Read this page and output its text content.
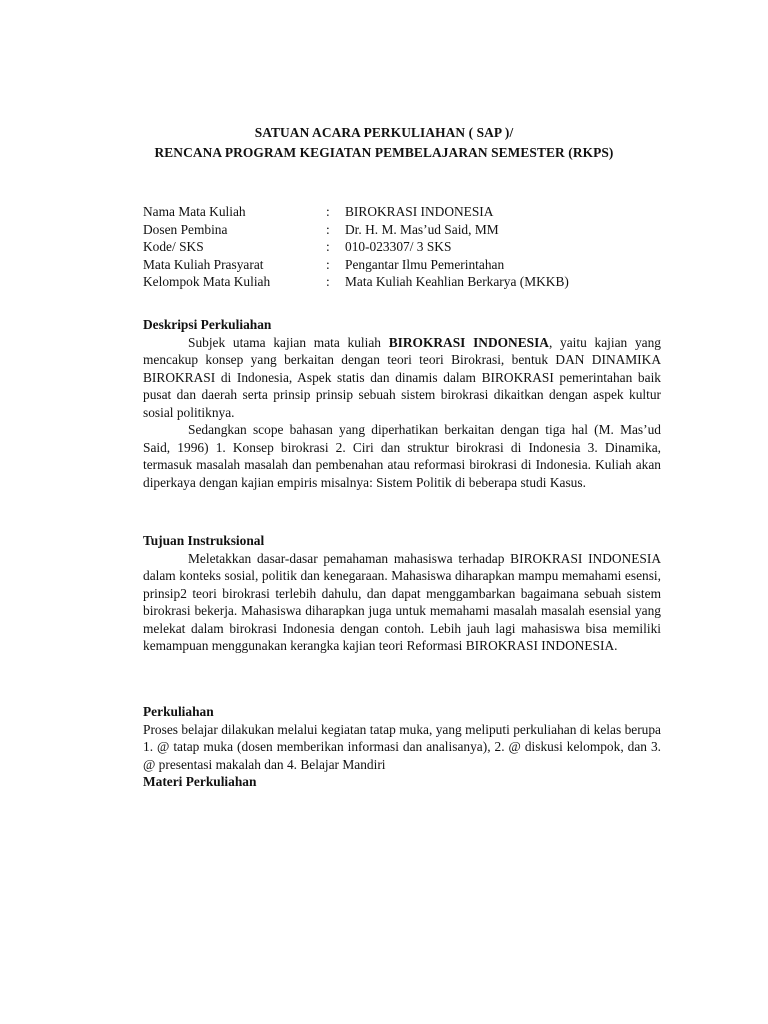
SATUAN ACARA PERKULIAHAN ( SAP )/
RENCANA PROGRAM KEGIATAN PEMBELAJARAN SEMESTER (RKPS)
Nama Mata Kuliah	: BIROKRASI INDONESIA
Dosen Pembina	: Dr. H. M. Mas’ud Said, MM
Kode/ SKS	: 010-023307/ 3 SKS
Mata Kuliah Prasyarat	: Pengantar Ilmu Pemerintahan
Kelompok Mata Kuliah	: Mata Kuliah Keahlian Berkarya (MKKB)
Deskripsi Perkuliahan

Subjek utama kajian mata kuliah BIROKRASI INDONESIA, yaitu kajian yang mencakup konsep yang berkaitan dengan teori teori Birokrasi, bentuk DAN DINAMIKA BIROKRASI di Indonesia, Aspek statis dan dinamis dalam BIROKRASI pemerintahan baik pusat dan daerah serta prinsip prinsip sebuah sistem birokrasi dikaitkan dengan aspek kultur sosial politiknya.

Sedangkan scope bahasan yang diperhatikan berkaitan dengan tiga hal (M. Mas’ud Said, 1996) 1. Konsep birokrasi 2. Ciri dan struktur birokrasi di Indonesia 3. Dinamika, termasuk masalah masalah dan pembenahan atau reformasi birokrasi di Indonesia. Kuliah akan diperkaya dengan kajian empiris misalnya: Sistem Politik di beberapa studi Kasus.

Tujuan Instruksional

Meletakkan dasar-dasar pemahaman mahasiswa terhadap BIROKRASI INDONESIA dalam konteks sosial, politik dan kenegaraan. Mahasiswa diharapkan mampu memahami esensi, prinsip2 teori birokrasi terlebih dahulu, dan dapat menggambarkan bagaimana sebuah sistem birokrasi bekerja. Mahasiswa diharapkan juga untuk memahami masalah masalah esensial yang melekat dalam birokrasi Indonesia dengan contoh. Lebih jauh lagi mahasiswa bisa memiliki kemampuan menggunakan kerangka kajian teori Reformasi BIROKRASI INDONESIA.

Perkuliahan

Proses belajar dilakukan melalui kegiatan tatap muka, yang meliputi perkuliahan di kelas berupa 1. @ tatap muka (dosen memberikan informasi dan analisanya), 2. @ diskusi kelompok, dan 3. @ presentasi makalah dan 4. Belajar Mandiri

Materi Perkuliahan
